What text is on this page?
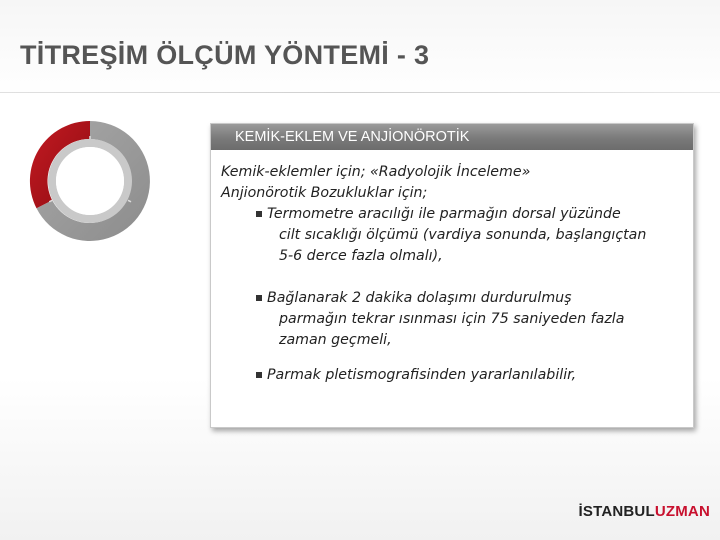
TİTREŞİM ÖLÇÜM YÖNTEMİ - 3
KEMİK-EKLEM VE ANJİONÖROTİK
Kemik-eklemler için; «Radyolojik İnceleme»
Anjionörotik Bozukluklar için;
Termometre aracılığı ile parmağın dorsal yüzünde
cilt sıcaklığı ölçümü (vardiya sonunda, başlangıçtan
5-6 derce fazla olmalı),
Bağlanarak 2 dakika dolaşımı durdurulmuş
parmağın tekrar ısınması için 75 saniyeden fazla
zaman geçmeli,
Parmak pletismografisinden yararlanılabilir,
İSTANBULUZMAN
